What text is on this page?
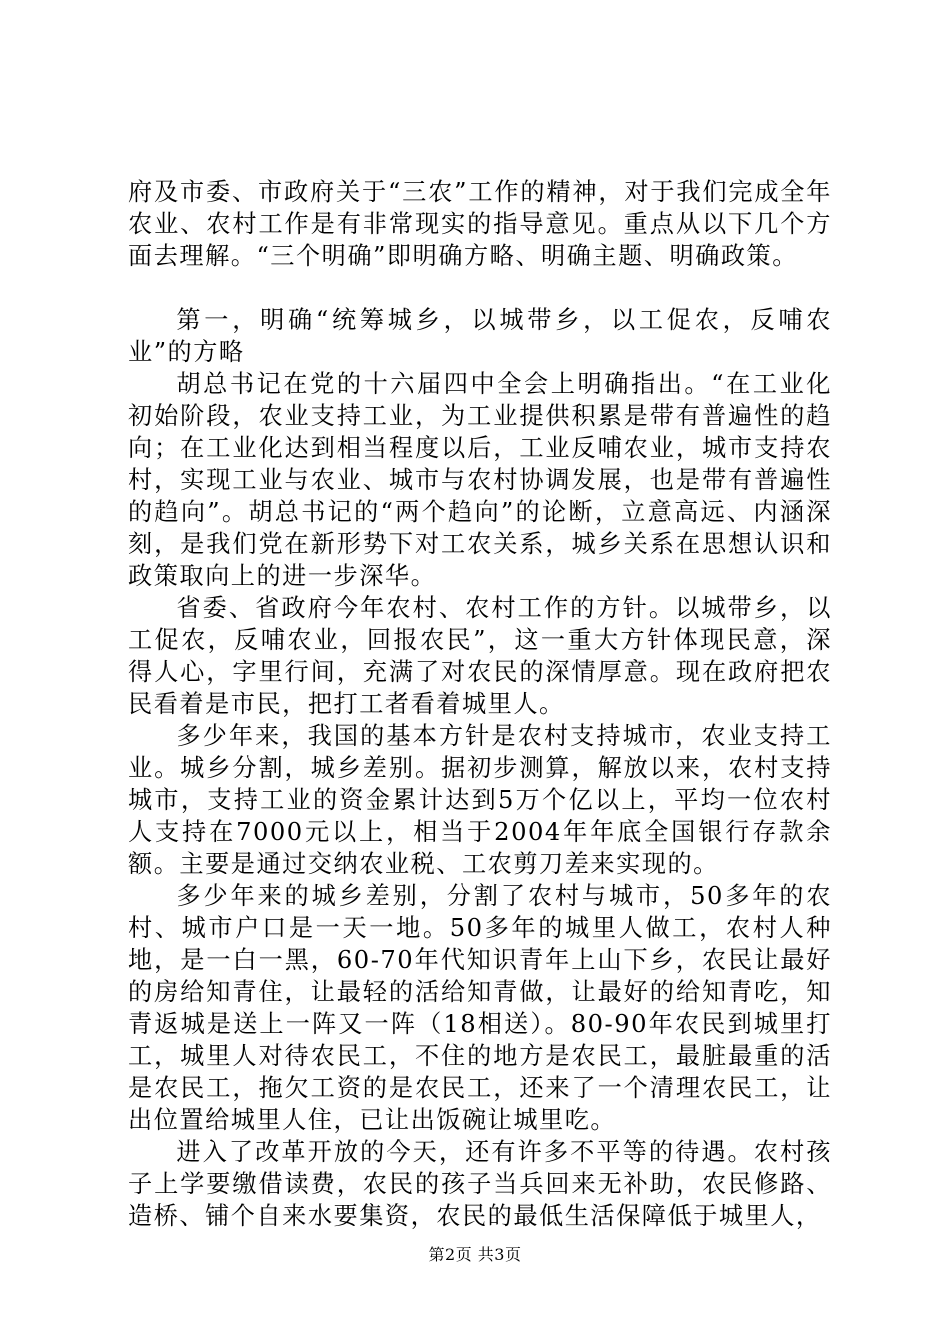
府及市委、市政府关于“三农”工作的精神，对于我们完成全年农业、农村工作是有非常现实的指导意见。重点从以下几个方面去理解。“三个明确”即明确方略、明确主题、明确政策。

第一，明确“统筹城乡，以城带乡，以工促农，反哺农业”的方略

胡总书记在党的十六届四中全会上明确指出。“在工业化初始阶段，农业支持工业，为工业提供积累是带有普遍性的趋向；在工业化达到相当程度以后，工业反哺农业，城市支持农村，实现工业与农业、城市与农村协调发展，也是带有普遍性的趋向”。胡总书记的“两个趋向”的论断，立意高远、内涵深刻，是我们党在新形势下对工农关系，城乡关系在思想认识和政策取向上的进一步深华。

省委、省政府今年农村、农村工作的方针。以城带乡，以工促农，反哺农业，回报农民”，这一重大方针体现民意，深得人心，字里行间，充满了对农民的深情厚意。现在政府把农民看着是市民，把打工者看着城里人。

多少年来，我国的基本方针是农村支持城市，农业支持工业。城乡分割，城乡差别。据初步测算，解放以来，农村支持城市，支持工业的资金累计达到5万个亿以上，平均一位农村人支持在7000元以上，相当于2004年年底全国银行存款余额。主要是通过交纳农业税、工农剪刀差来实现的。

多少年来的城乡差别，分割了农村与城市，50多年的农村、城市户口是一天一地。50多年的城里人做工，农村人种地，是一白一黑，60-70年代知识青年上山下乡，农民让最好的房给知青住，让最轻的活给知青做，让最好的给知青吃，知青返城是送上一阵又一阵（18相送）。80-90年农民到城里打工，城里人对待农民工，不住的地方是农民工，最脏最重的活是农民工，拖欠工资的是农民工，还来了一个清理农民工，让出位置给城里人住，已让出饭碗让城里吃。

进入了改革开放的今天，还有许多不平等的待遇。农村孩子上学要缴借读费，农民的孩子当兵回来无补助，农民修路、造桥、铺个自来水要集资，农民的最低生活保障低于城里人，

第2页 共3页
